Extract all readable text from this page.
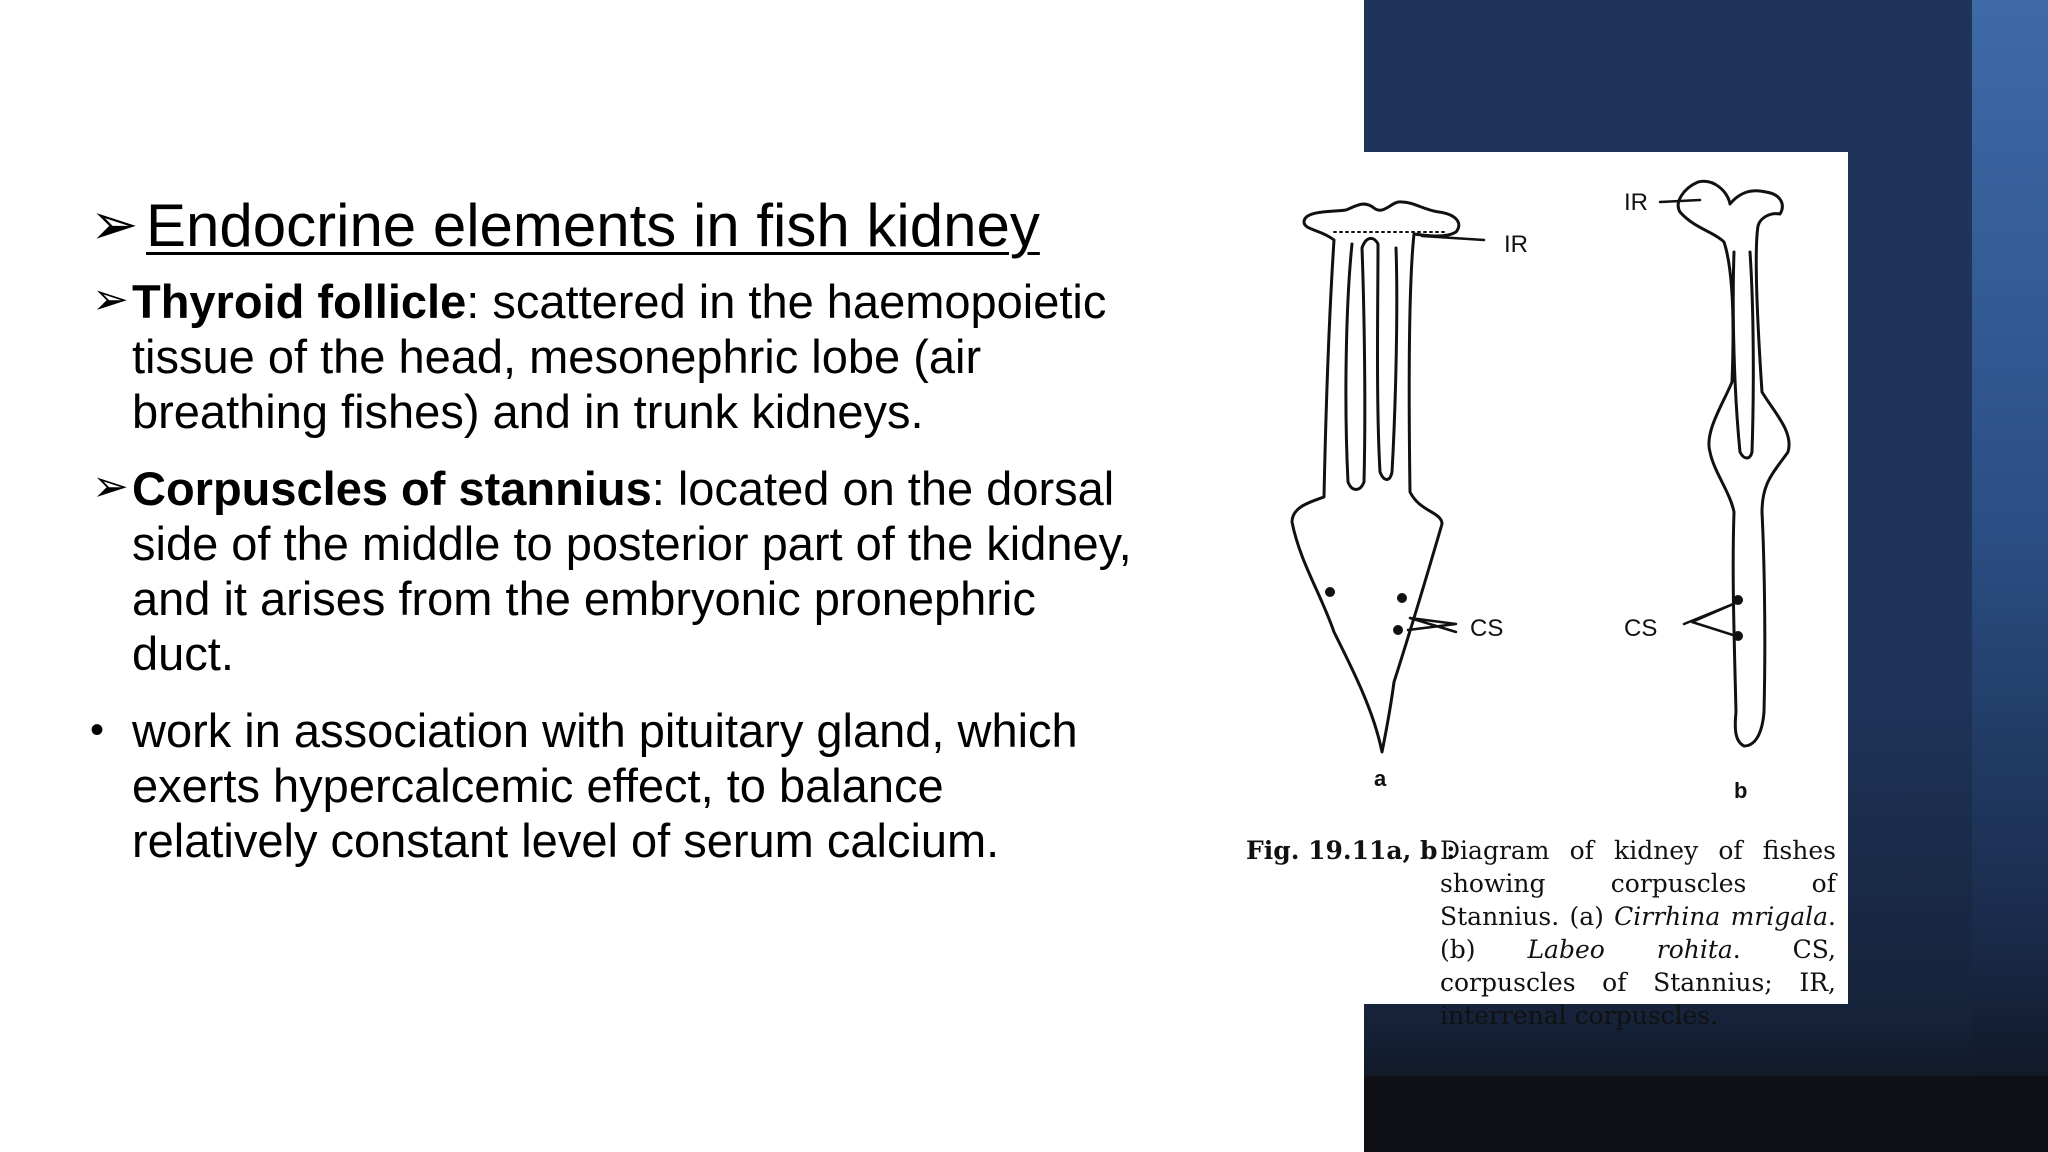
➢ Endocrine elements in fish kidney
➢ Thyroid follicle: scattered in the haemopoietic tissue of the head, mesonephric lobe (air breathing fishes) and in trunk kidneys.
➢ Corpuscles of stannius: located on the dorsal side of the middle to posterior part of the kidney, and it arises from the embryonic pronephric duct.
• work in association with pituitary gland, which exerts hypercalcemic effect, to balance relatively constant level of serum calcium.
IR
IR
CS	CS
a	b
Fig. 19.11a, b :
Diagram of kidney of fishes showing corpuscles of Stannius. (a) Cirrhina mrigala. (b) Labeo rohita. CS, corpuscles of Stannius; IR, interrenal corpuscles.
